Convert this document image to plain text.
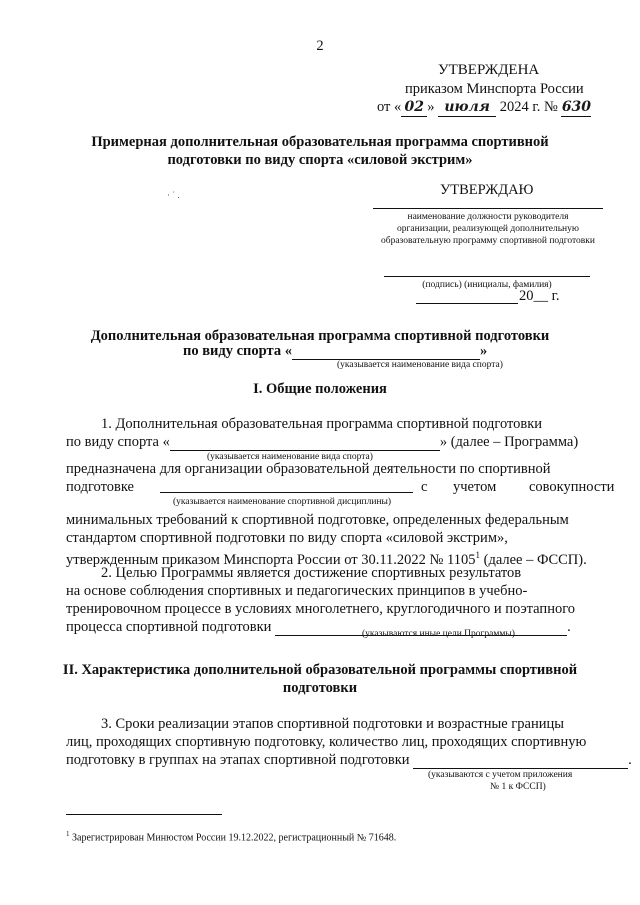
2
УТВЕРЖДЕНА
приказом Минспорта России
от « 02 » июля 2024 г. № 630
Примерная дополнительная образовательная программа спортивной
подготовки по виду спорта «силовой экстрим»
· ˙ .	УТВЕРЖДАЮ
наименование должности руководителя
организации, реализующей дополнительную
образовательную программу спортивной подготовки
(подпись) (инициалы, фамилия)
20__ г.
Дополнительная образовательная программа спортивной подготовки
по виду спорта «	»
(указывается наименование вида спорта)
I. Общие положения
1. Дополнительная образовательная программа спортивной подготовки
по виду спорта «	» (далее – Программа)
(указывается наименование вида спорта)
предназначена для организации образовательной деятельности по спортивной
подготовке	с учетом совокупности
(указывается наименование спортивной дисциплины)
минимальных требований к спортивной подготовке, определенных федеральным
стандартом спортивной подготовки по виду спорта «силовой экстрим»,
утвержденным приказом Минспорта России от 30.11.2022 № 1105$^1$ (далее – ФССП).
2. Целью Программы является достижение спортивных результатов
на основе соблюдения спортивных и педагогических принципов в учебно-
тренировочном процессе в условиях многолетнего, круглогодичного и поэтапного
процесса спортивной подготовки	.
(указываются иные цели Программы)
II. Характеристика дополнительной образовательной программы спортивной
подготовки
3. Сроки реализации этапов спортивной подготовки и возрастные границы
лиц, проходящих спортивную подготовку, количество лиц, проходящих спортивную
подготовку в группах на этапах спортивной подготовки	.
(указываются с учетом приложения
№ 1 к ФССП)
$^1$ Зарегистрирован Минюстом России 19.12.2022, регистрационный № 71648.
